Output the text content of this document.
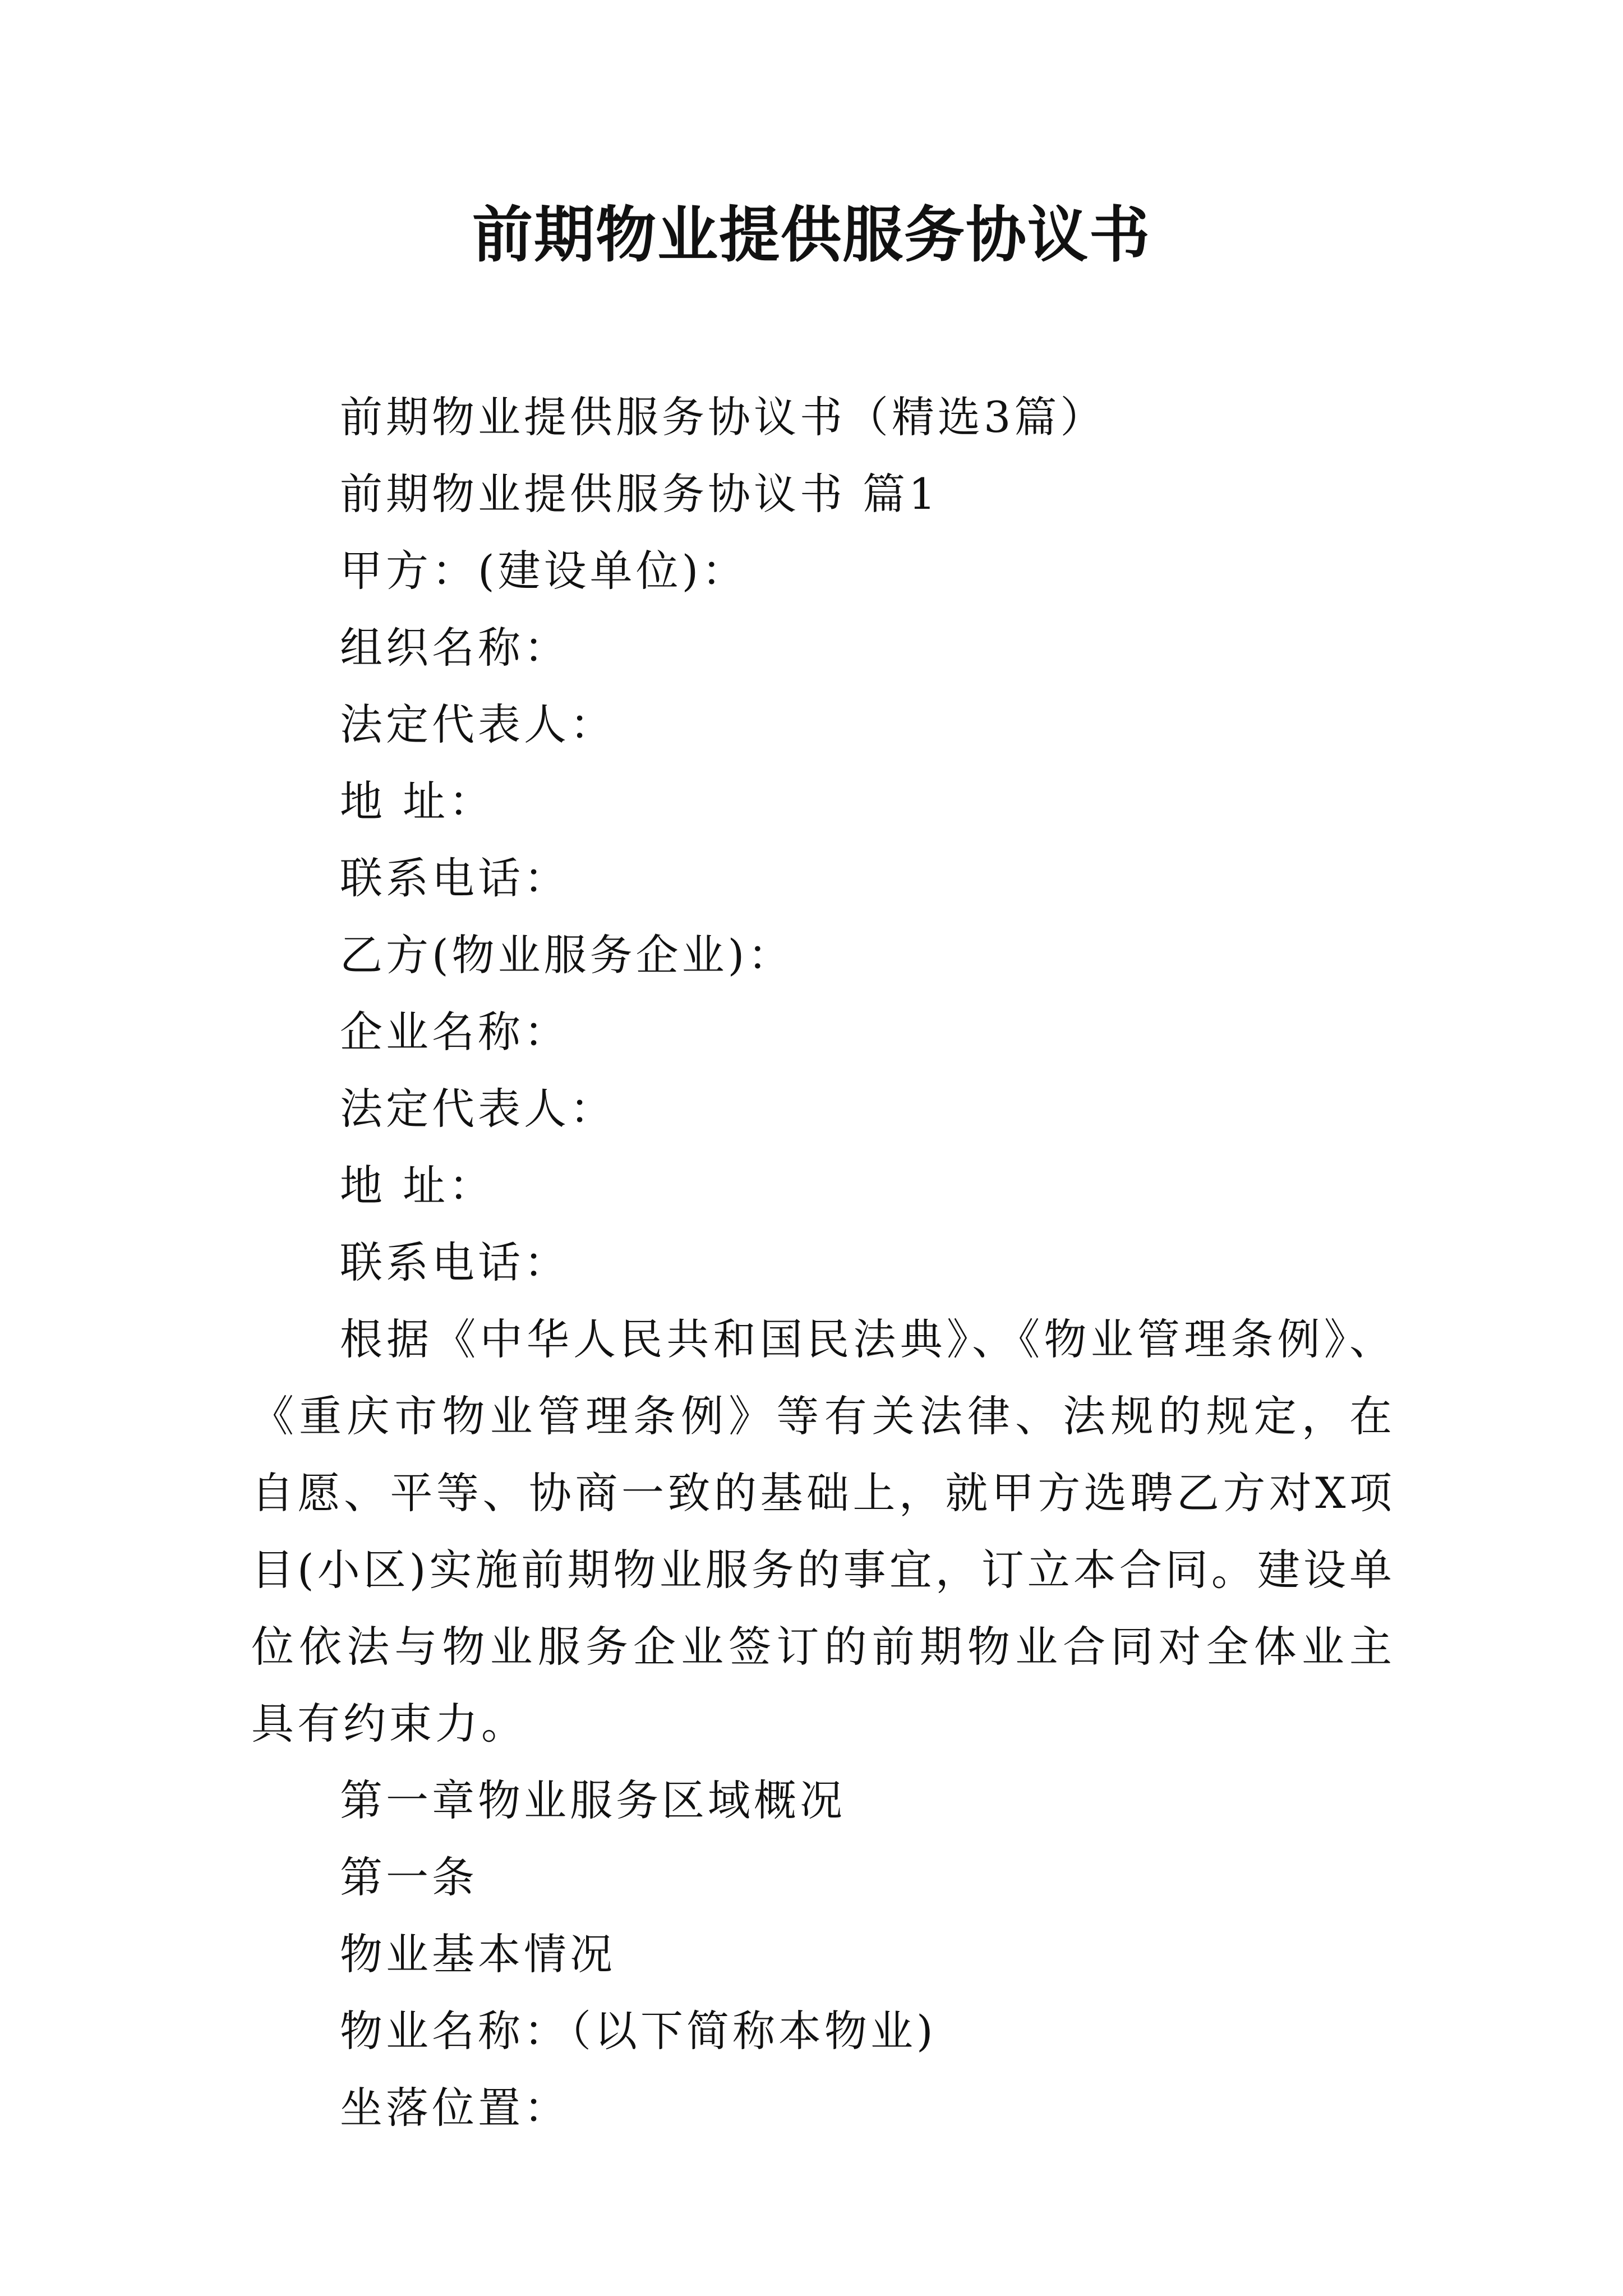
前期物业提供服务协议书
前期物业提供服务协议书（精选3篇）
前期物业提供服务协议书 篇1
甲方：(建设单位)：
组织名称：
法定代表人：
地 址：
联系电话：
乙方(物业服务企业)：
企业名称：
法定代表人：
地 址：
联系电话：

根据《中华人民共和国民法典》、《物业管理条例》、《重庆市物业管理条例》等有关法律、法规的规定，在自愿、平等、协商一致的基础上，就甲方选聘乙方对X项目(小区)实施前期物业服务的事宜，订立本合同。建设单位依法与物业服务企业签订的前期物业合同对全体业主具有约束力。

第一章物业服务区域概况
第一条
物业基本情况
物业名称：（以下简称本物业)
坐落位置：
